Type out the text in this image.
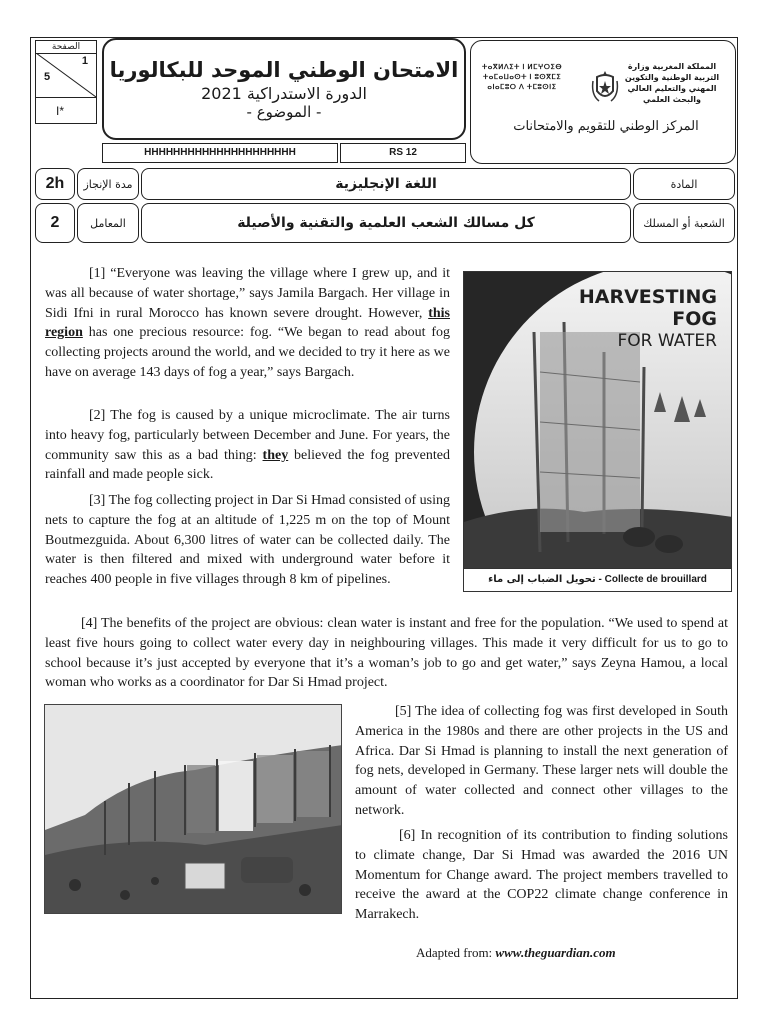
الصفحة
1
5
I*
الامتحان الوطني الموحد للبكالوريا
الدورة الاستدراكية 2021
- الموضوع -
HHHHHHHHHHHHHHHHHHHHH	RS 12
ⵜⴰⴳⵍⴷⵉⵜ ⵏ ⵍⵎⵖⵔⵉⴱ ⵜⴰⵎⴰⵡⴰⵙⵜ ⵏ ⵓⵙⴳⵎⵉ ⴰⵏⴰⵎⵓⵔ ⴷ ⵜⵎⵓⵙⵏⵉ
المملكة المغربية وزارة التربية الوطنية والتكوين المهني والتعليم العالي والبحث العلمي
المركز الوطني للتقويم والامتحانات
2h مدة الإنجاز	اللغة الإنجليزية	المادة
2	المعامل	كل مسالك الشعب العلمية والتقنية والأصيلة	الشعبة أو المسلك

[1] “Everyone was leaving the village where I grew up, and it was all because of water shortage,” says Jamila Bargach. Her village in Sidi Ifni in rural Morocco has known severe drought. However, this region has one precious resource: fog. “We began to read about fog collecting projects around the world, and we decided to try it here as we have on average 143 days of fog a year,” says Bargach.

[2] The fog is caused by a unique microclimate. The air turns into heavy fog, particularly between December and June. For years, the community saw this as a bad thing: they believed the fog prevented rainfall and made people sick.

[3] The fog collecting project in Dar Si Hmad consisted of using nets to capture the fog at an altitude of 1,225 m on the top of Mount Boutmezguida. About 6,300 litres of water can be collected daily. The water is then filtered and mixed with underground water before it reaches 400 people in five villages through 8 km of pipelines.

HARVESTING
FOG
FOR WATER
تحويل الضباب إلى ماء - Collecte de brouillard

[4] The benefits of the project are obvious: clean water is instant and free for the population. “We used to spend at least five hours going to collect water every day in neighbouring villages. This made it very difficult for us to go to school because it’s just accepted by everyone that it’s a woman’s job to go and get water,” says Zeyna Hamou, a local woman who works as a coordinator for Dar Si Hmad project.

[5] The idea of collecting fog was first developed in South America in the 1980s and there are other projects in the US and Africa. Dar Si Hmad is planning to install the next generation of fog nets, developed in Germany. These larger nets will double the amount of water collected and connect other villages to the network.

[6] In recognition of its contribution to finding solutions to climate change, Dar Si Hmad was awarded the 2016 UN Momentum for Change award. The project members travelled to receive the award at the COP22 climate change conference in Marrakech.

Adapted from: www.theguardian.com
